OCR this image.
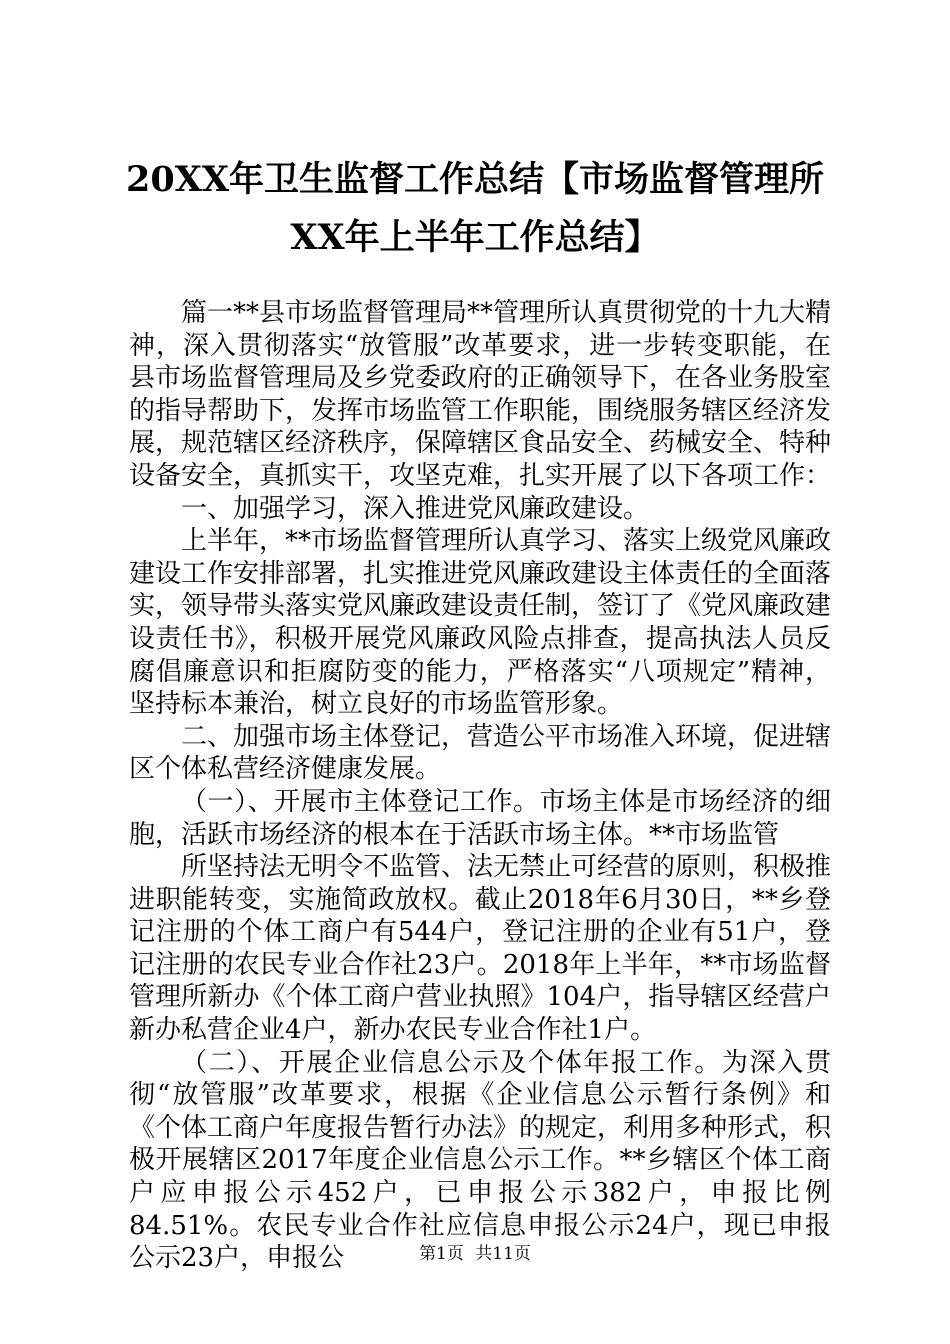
20XX年卫生监督工作总结【市场监督管理所
XX年上半年工作总结】

篇一**县市场监督管理局**管理所认真贯彻党的十九大精神，深入贯彻落实“放管服”改革要求，进一步转变职能，在县市场监督管理局及乡党委政府的正确领导下，在各业务股室的指导帮助下，发挥市场监管工作职能，围绕服务辖区经济发展，规范辖区经济秩序，保障辖区食品安全、药械安全、特种设备安全，真抓实干，攻坚克难，扎实开展了以下各项工作：

一、加强学习，深入推进党风廉政建设。

上半年，**市场监督管理所认真学习、落实上级党风廉政建设工作安排部署，扎实推进党风廉政建设主体责任的全面落实，领导带头落实党风廉政建设责任制，签订了《党风廉政建设责任书》，积极开展党风廉政风险点排查，提高执法人员反腐倡廉意识和拒腐防变的能力，严格落实“八项规定”精神，坚持标本兼治，树立良好的市场监管形象。

二、加强市场主体登记，营造公平市场准入环境，促进辖区个体私营经济健康发展。

（一）、开展市主体登记工作。市场主体是市场经济的细胞，活跃市场经济的根本在于活跃市场主体。**市场监管

所坚持法无明令不监管、法无禁止可经营的原则，积极推进职能转变，实施简政放权。截止2018年6月30日，**乡登记注册的个体工商户有544户，登记注册的企业有51户，登记注册的农民专业合作社23户。2018年上半年，**市场监督管理所新办《个体工商户营业执照》104户，指导辖区经营户新办私营企业4户，新办农民专业合作社1户。

（二）、开展企业信息公示及个体年报工作。为深入贯彻“放管服”改革要求，根据《企业信息公示暂行条例》和《个体工商户年度报告暂行办法》的规定，利用多种形式，积极开展辖区2017年度企业信息公示工作。**乡辖区个体工商户应申报公示452户，已申报公示382户，申报比例84.51%。农民专业合作社应信息申报公示24户，现已申报公示23户，申报公	第1页 共11页
